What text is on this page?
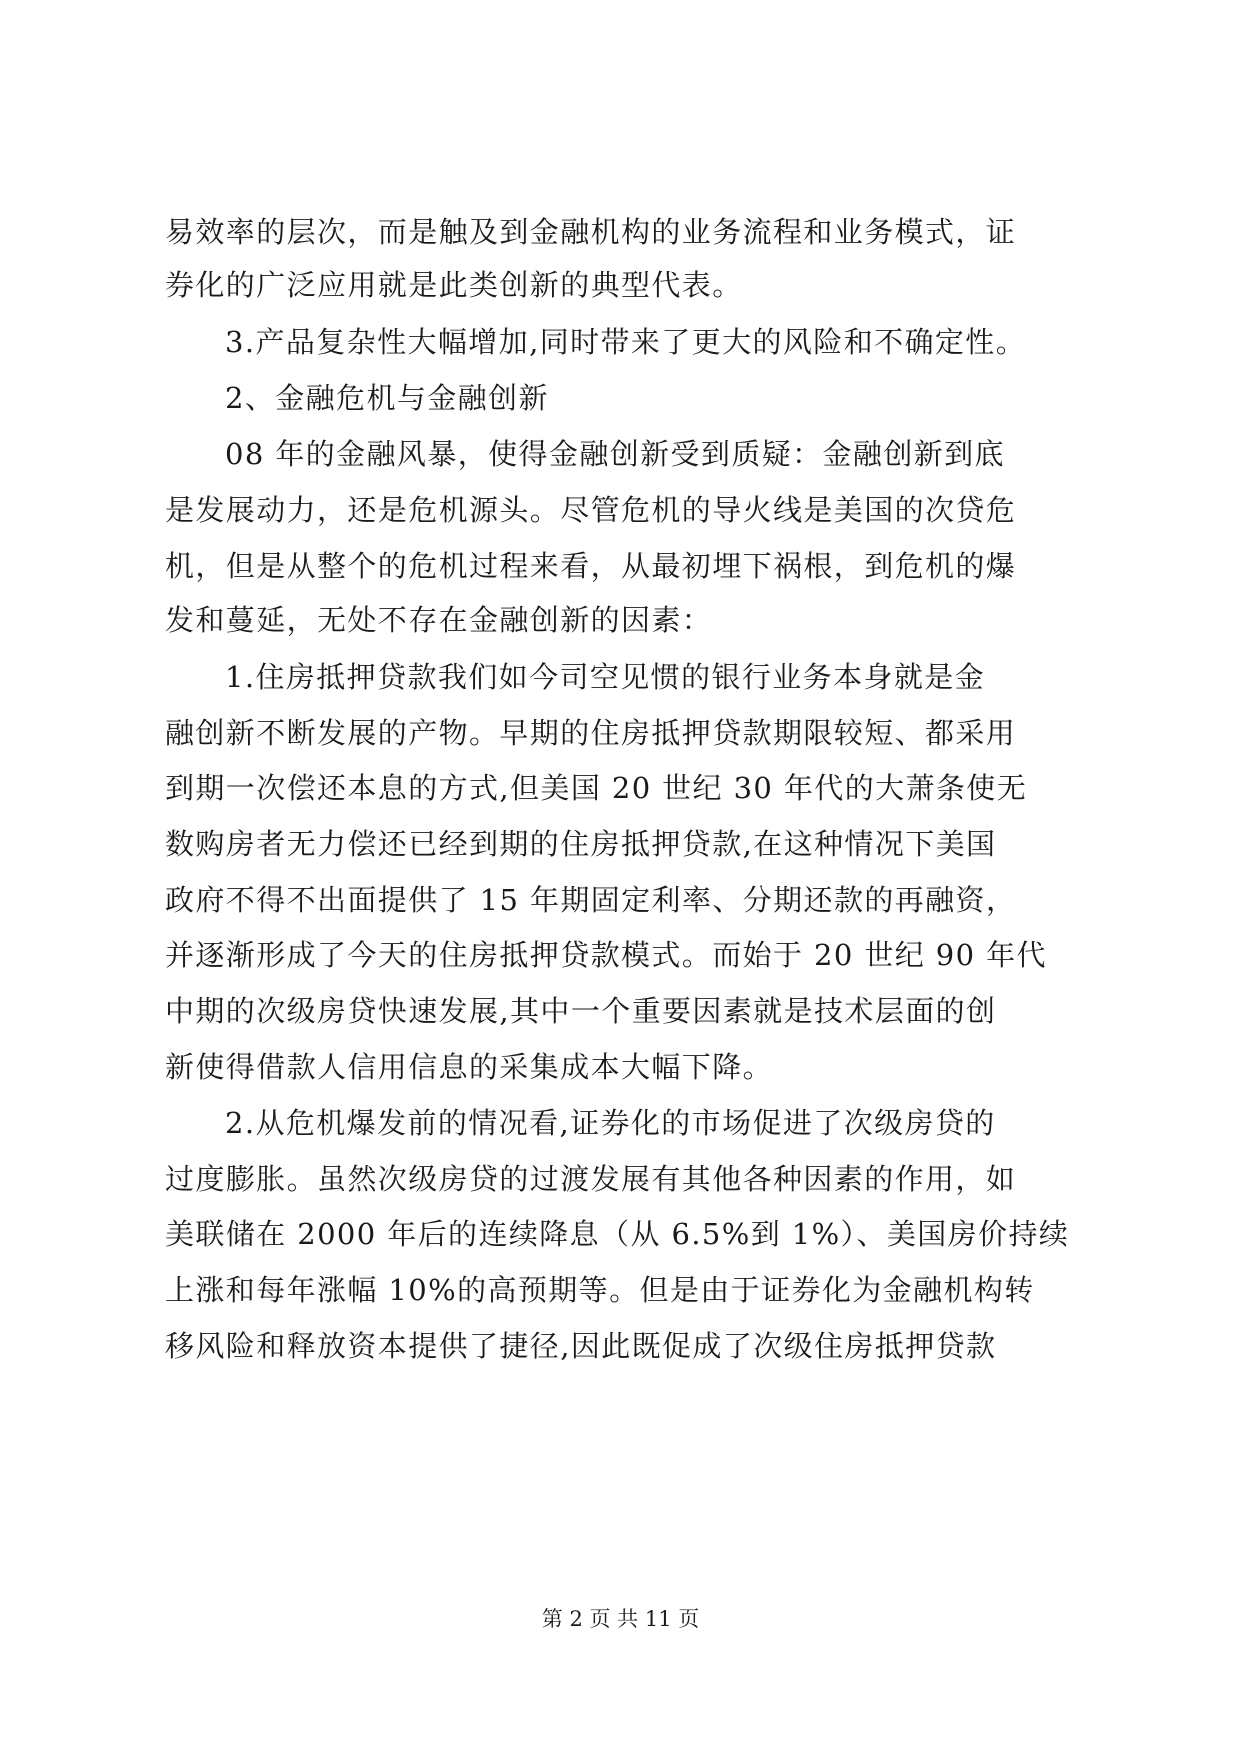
易效率的层次，而是触及到金融机构的业务流程和业务模式，证
券化的广泛应用就是此类创新的典型代表。
3.产品复杂性大幅增加,同时带来了更大的风险和不确定性。
2、金融危机与金融创新
08 年的金融风暴，使得金融创新受到质疑：金融创新到底
是发展动力，还是危机源头。尽管危机的导火线是美国的次贷危
机，但是从整个的危机过程来看，从最初埋下祸根，到危机的爆
发和蔓延，无处不存在金融创新的因素：
1.住房抵押贷款我们如今司空见惯的银行业务本身就是金
融创新不断发展的产物。早期的住房抵押贷款期限较短、都采用
到期一次偿还本息的方式,但美国 20 世纪 30 年代的大萧条使无
数购房者无力偿还已经到期的住房抵押贷款,在这种情况下美国
政府不得不出面提供了 15 年期固定利率、分期还款的再融资，
并逐渐形成了今天的住房抵押贷款模式。而始于 20 世纪 90 年代
中期的次级房贷快速发展,其中一个重要因素就是技术层面的创
新使得借款人信用信息的采集成本大幅下降。
2.从危机爆发前的情况看,证券化的市场促进了次级房贷的
过度膨胀。虽然次级房贷的过渡发展有其他各种因素的作用，如
美联储在 2000 年后的连续降息（从 6.5%到 1%）、美国房价持续
上涨和每年涨幅 10%的高预期等。但是由于证券化为金融机构转
移风险和释放资本提供了捷径,因此既促成了次级住房抵押贷款
第 2 页 共 11 页
